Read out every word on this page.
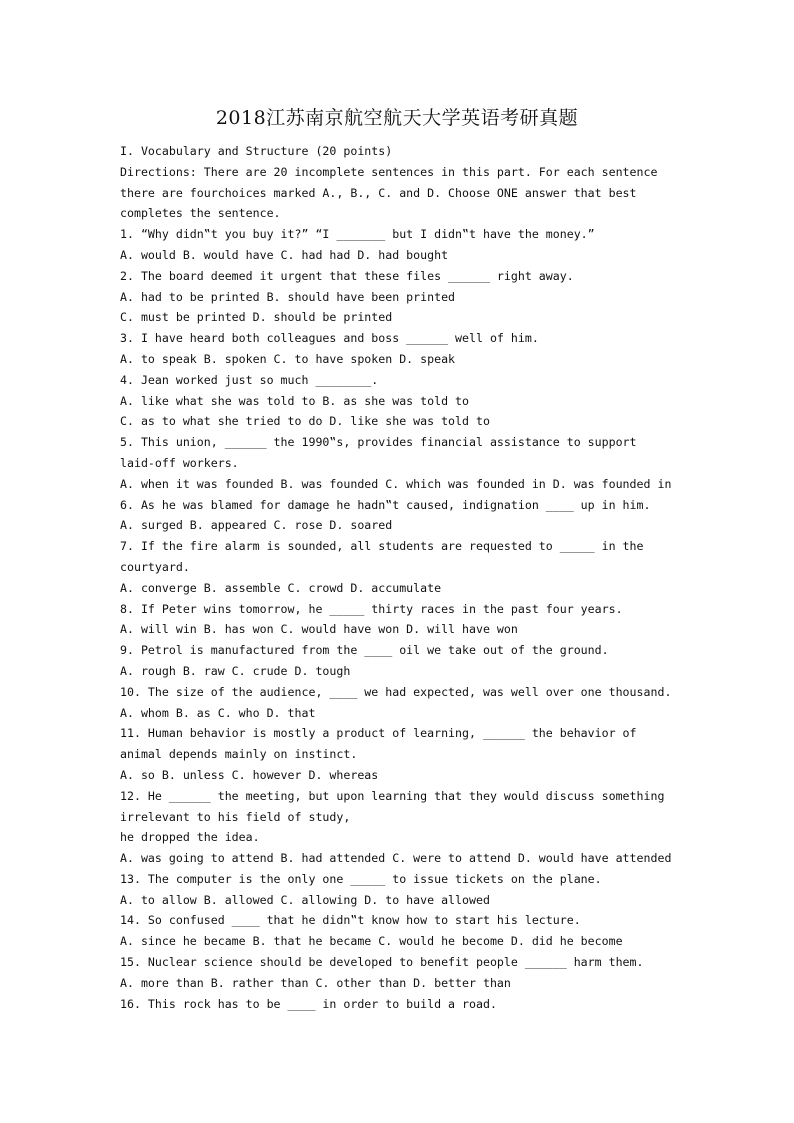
2018江苏南京航空航天大学英语考研真题
I. Vocabulary and Structure (20 points)
Directions: There are 20 incomplete sentences in this part. For each sentence
there are fourchoices marked A., B., C. and D. Choose ONE answer that best
completes the sentence.
1. “Why didn‟t you buy it?” “I _______ but I didn‟t have the money.”
A. would B. would have C. had had D. had bought
2. The board deemed it urgent that these files ______ right away.
A. had to be printed B. should have been printed
C. must be printed D. should be printed
3. I have heard both colleagues and boss ______ well of him.
A. to speak B. spoken C. to have spoken D. speak
4. Jean worked just so much ________.
A. like what she was told to B. as she was told to
C. as to what she tried to do D. like she was told to
5. This union, ______ the 1990‟s, provides financial assistance to support
laid-off workers.
A. when it was founded B. was founded C. which was founded in D. was founded in
6. As he was blamed for damage he hadn‟t caused, indignation ____ up in him.
A. surged B. appeared C. rose D. soared
7. If the fire alarm is sounded, all students are requested to _____ in the
courtyard.
A. converge B. assemble C. crowd D. accumulate
8. If Peter wins tomorrow, he _____ thirty races in the past four years.
A. will win B. has won C. would have won D. will have won
9. Petrol is manufactured from the ____ oil we take out of the ground.
A. rough B. raw C. crude D. tough
10. The size of the audience, ____ we had expected, was well over one thousand.
A. whom B. as C. who D. that
11. Human behavior is mostly a product of learning, ______ the behavior of
animal depends mainly on instinct.
A. so B. unless C. however D. whereas
12. He ______ the meeting, but upon learning that they would discuss something
irrelevant to his field of study,
he dropped the idea.
A. was going to attend B. had attended C. were to attend D. would have attended
13. The computer is the only one _____ to issue tickets on the plane.
A. to allow B. allowed C. allowing D. to have allowed
14. So confused ____ that he didn‟t know how to start his lecture.
A. since he became B. that he became C. would he become D. did he become
15. Nuclear science should be developed to benefit people ______ harm them.
A. more than B. rather than C. other than D. better than
16. This rock has to be ____ in order to build a road.
